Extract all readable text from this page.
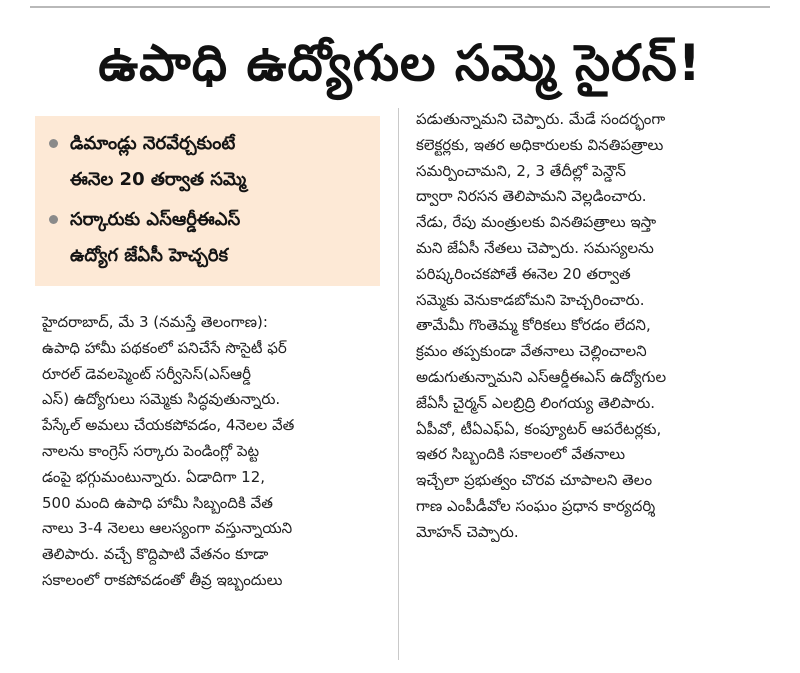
ఉపాధి ఉద్యోగుల సమ్మె సైరన్!
డిమాండ్లు నెరవేర్చకుంటే
ఈనెల 20 తర్వాత సమ్మె
సర్కారుకు ఎస్ఆర్డీఈఎస్
ఉద్యోగ జేఏసీ హెచ్చరిక
హైదరాబాద్, మే 3 (నమస్తే తెలంగాణ):
ఉపాధి హామీ పథకంలో పనిచేసే సొసైటీ ఫర్
రూరల్ డెవలప్మెంట్ సర్వీసెస్(ఎస్ఆర్డీ
ఎస్) ఉద్యోగులు సమ్మెకు సిద్ధవుతున్నారు.
పేస్కేల్ అమలు చేయకపోవడం, 4నెలల వేత
నాలను కాంగ్రెస్ సర్కారు పెండింగ్లో పెట్ట
డంపై భగ్గుమంటున్నారు. ఏడాదిగా 12,
500 మంది ఉపాధి హామీ సిబ్బందికి వేత
నాలు 3-4 నెలలు ఆలస్యంగా వస్తున్నాయని
తెలిపారు. వచ్చే కొద్దిపాటి వేతనం కూడా
సకాలంలో రాకపోవడంతో తీవ్ర ఇబ్బందులు
పడుతున్నామని చెప్పారు. మేడే సందర్భంగా
కలెక్టర్లకు, ఇతర అధికారులకు వినతిపత్రాలు
సమర్పించామని, 2, 3 తేదీల్లో పెన్డౌన్
ద్వారా నిరసన తెలిపామని వెల్లడించారు.
నేడు, రేపు మంత్రులకు వినతిపత్రాలు ఇస్తా
మని జేఏసీ నేతలు చెప్పారు. సమస్యలను
పరిష్కరించకపోతే ఈనెల 20 తర్వాత
సమ్మెకు వెనుకాడబోమని హెచ్చరించారు.
తామేమీ గొంతెమ్మ కోరికలు కోరడం లేదని,
క్రమం తప్పకుండా వేతనాలు చెల్లించాలని
అడుగుతున్నామని ఎస్ఆర్డీఈఎస్ ఉద్యోగుల
జేఏసీ చైర్మన్ ఎలబ్రిద్రి లింగయ్య తెలిపారు.
ఏపీవో, టీఏఎఫ్ఏ, కంప్యూటర్ ఆపరేటర్లకు,
ఇతర సిబ్బందికి సకాలంలో వేతనాలు
ఇచ్చేలా ప్రభుత్వం చొరవ చూపాలని తెలం
గాణ ఎంపీడీవోల సంఘం ప్రధాన కార్యదర్శి
మోహన్ చెప్పారు.
